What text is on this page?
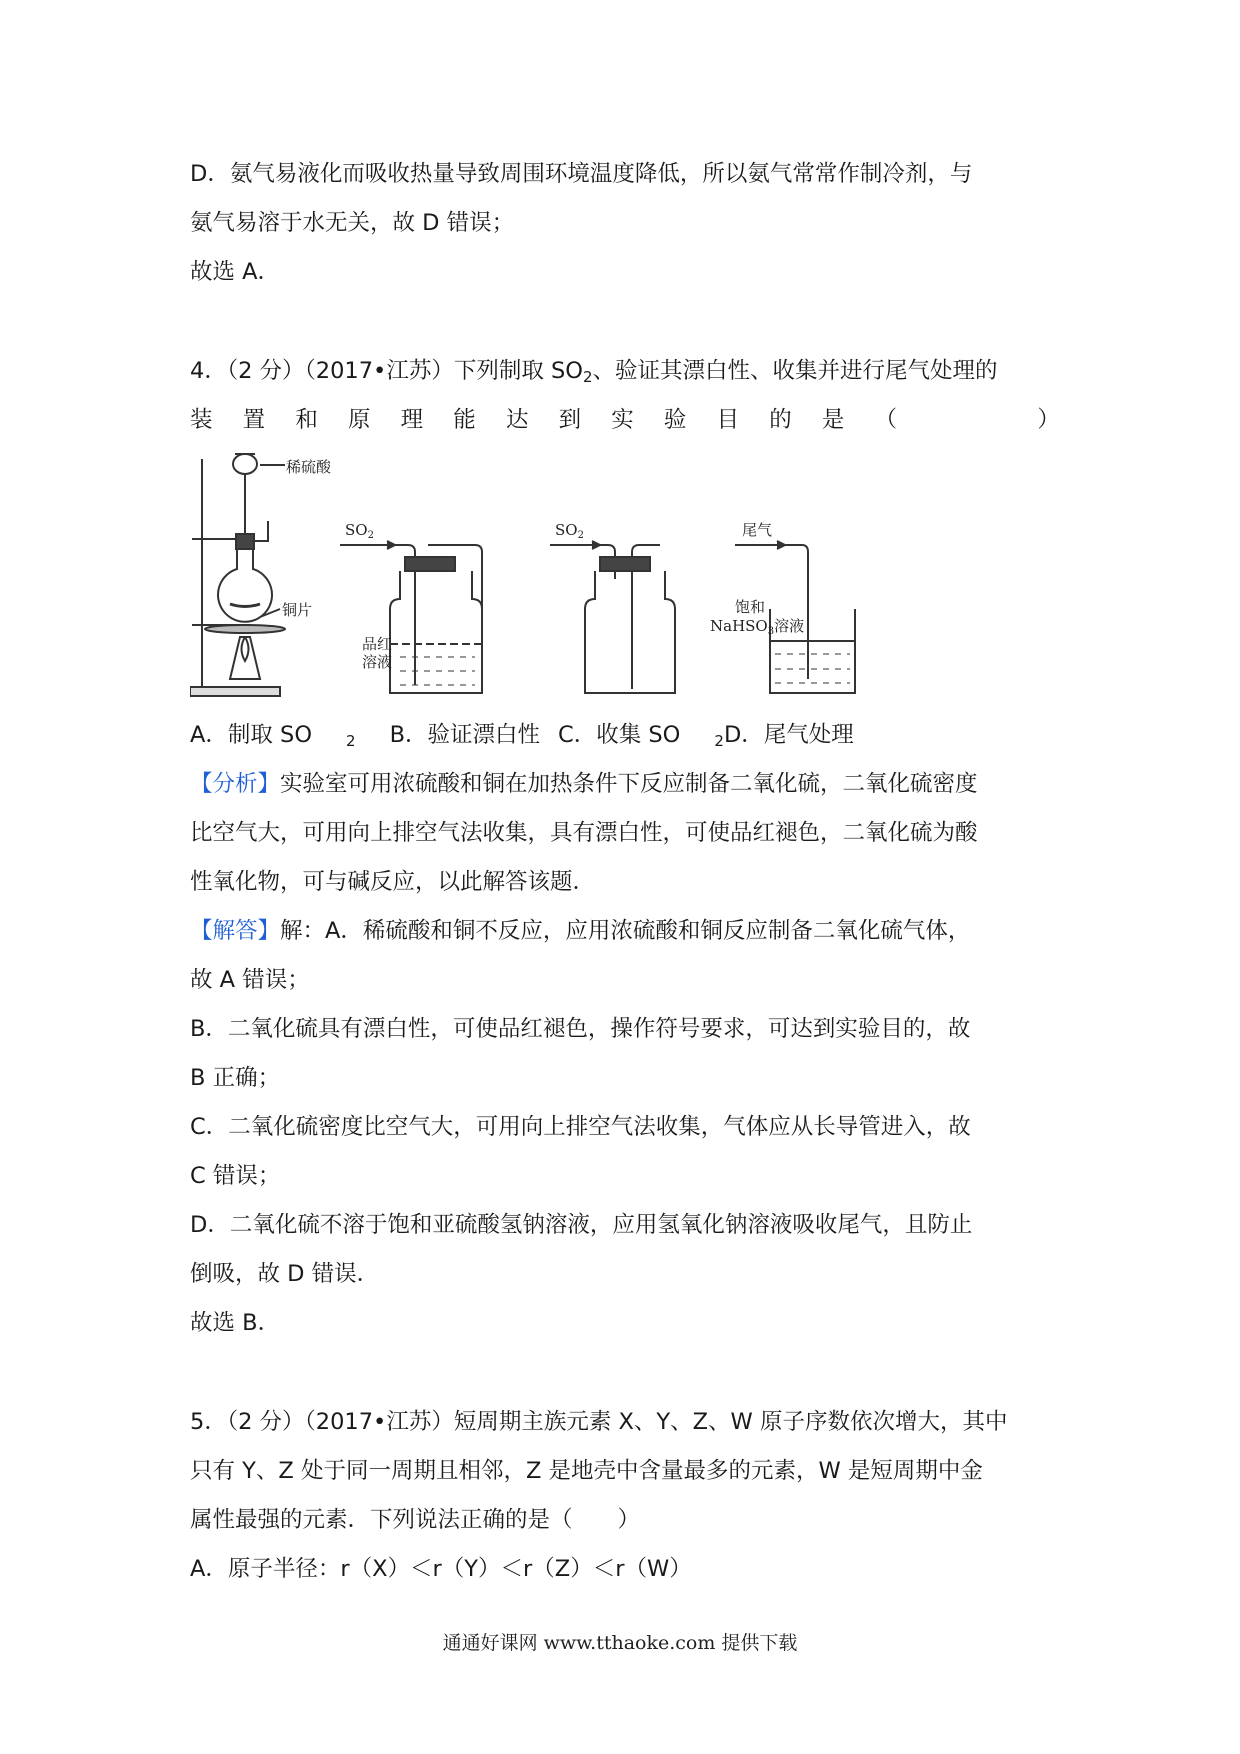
D．氨气易液化而吸收热量导致周围环境温度降低，所以氨气常常作制冷剂，与
氨气易溶于水无关，故 D 错误；
故选 A．
4．（2 分）（2017•江苏）下列制取 $SO_2$、验证其漂白性、收集并进行尾气处理的
装 置 和 原 理 能 达 到 实 验 目 的 是 （	）
稀硫酸
铜片
$SO_2$
品红
溶液
$SO_2$	尾气
饱和
NaHSO$_3$溶液
A．制取 SO $_2$ B．验证漂白性 C．收集 SO $_2$D．尾气处理
【分析】实验室可用浓硫酸和铜在加热条件下反应制备二氧化硫，二氧化硫密度
比空气大，可用向上排空气法收集，具有漂白性，可使品红褪色，二氧化硫为酸
性氧化物，可与碱反应，以此解答该题．
【解答】解：A．稀硫酸和铜不反应，应用浓硫酸和铜反应制备二氧化硫气体，
故 A 错误；
B．二氧化硫具有漂白性，可使品红褪色，操作符号要求，可达到实验目的，故
B 正确；
C．二氧化硫密度比空气大，可用向上排空气法收集，气体应从长导管进入，故
C 错误；
D．二氧化硫不溶于饱和亚硫酸氢钠溶液，应用氢氧化钠溶液吸收尾气，且防止
倒吸，故 D 错误．
故选 B．
5．（2 分）（2017•江苏）短周期主族元素 X、Y、Z、W 原子序数依次增大，其中
只有 Y、Z 处于同一周期且相邻，Z 是地壳中含量最多的元素，W 是短周期中金
属性最强的元素．下列说法正确的是（　　）
A．原子半径：r（X）＜r（Y）＜r（Z）＜r（W）
通通好课网 www.tthaoke.com 提供下载
